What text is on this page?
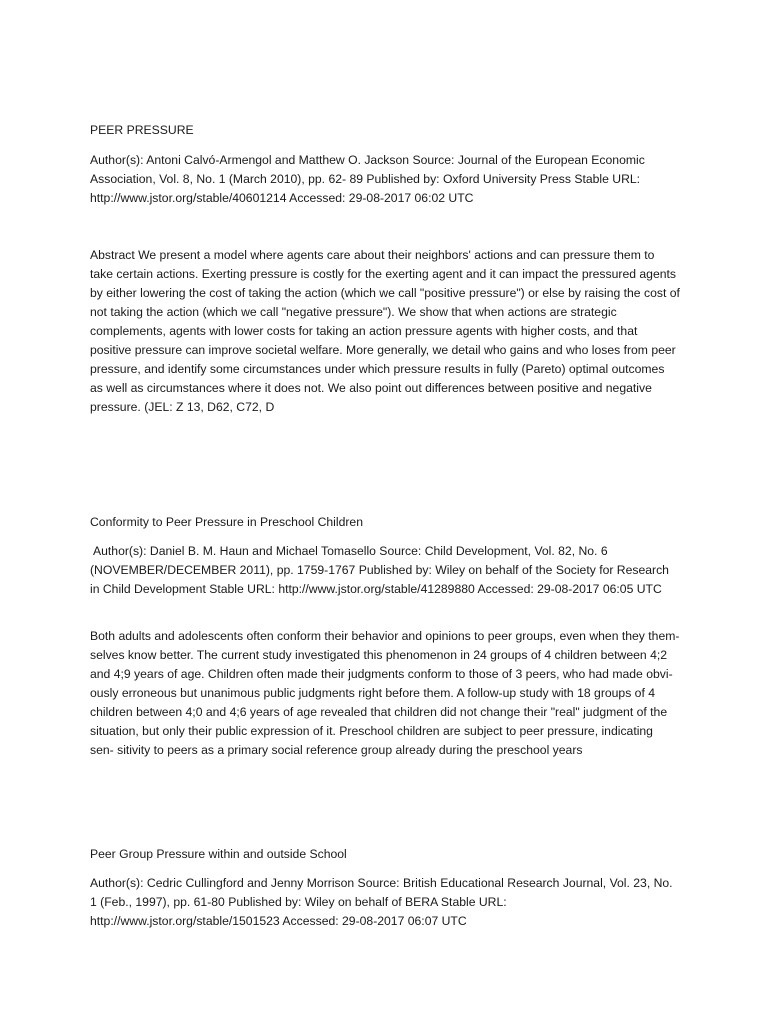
PEER PRESSURE

Author(s): Antoni Calvó-Armengol and Matthew O. Jackson Source: Journal of the European Economic Association, Vol. 8, No. 1 (March 2010), pp. 62- 89 Published by: Oxford University Press Stable URL: http://www.jstor.org/stable/40601214 Accessed: 29-08-2017 06:02 UTC

Abstract We present a model where agents care about their neighbors' actions and can pressure them to take certain actions. Exerting pressure is costly for the exerting agent and it can impact the pressured agents by either lowering the cost of taking the action (which we call "positive pressure") or else by raising the cost of not taking the action (which we call "negative pressure"). We show that when actions are strategic complements, agents with lower costs for taking an action pressure agents with higher costs, and that positive pressure can improve societal welfare. More generally, we detail who gains and who loses from peer pressure, and identify some circumstances under which pressure results in fully (Pareto) optimal outcomes as well as circumstances where it does not. We also point out differences between positive and negative pressure. (JEL: Z 13, D62, C72, D

Conformity to Peer Pressure in Preschool Children

Author(s): Daniel B. M. Haun and Michael Tomasello Source: Child Development, Vol. 82, No. 6 (NOVEMBER/DECEMBER 2011), pp. 1759-1767 Published by: Wiley on behalf of the Society for Research in Child Development Stable URL: http://www.jstor.org/stable/41289880 Accessed: 29-08-2017 06:05 UTC

Both adults and adolescents often conform their behavior and opinions to peer groups, even when they them- selves know better. The current study investigated this phenomenon in 24 groups of 4 children between 4;2 and 4;9 years of age. Children often made their judgments conform to those of 3 peers, who had made obvi- ously erroneous but unanimous public judgments right before them. A follow-up study with 18 groups of 4 children between 4;0 and 4;6 years of age revealed that children did not change their "real" judgment of the situation, but only their public expression of it. Preschool children are subject to peer pressure, indicating sen- sitivity to peers as a primary social reference group already during the preschool years

Peer Group Pressure within and outside School

Author(s): Cedric Cullingford and Jenny Morrison Source: British Educational Research Journal, Vol. 23, No. 1 (Feb., 1997), pp. 61-80 Published by: Wiley on behalf of BERA Stable URL: http://www.jstor.org/stable/1501523 Accessed: 29-08-2017 06:07 UTC
